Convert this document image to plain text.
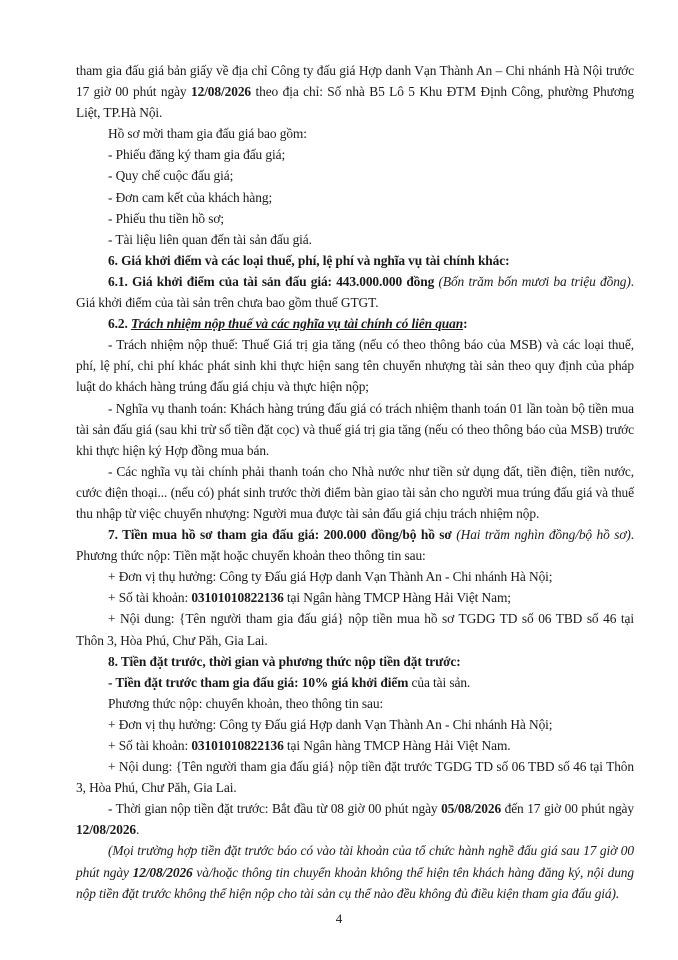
tham gia đấu giá bản giấy về địa chỉ Công ty đấu giá Hợp danh Vạn Thành An – Chi nhánh Hà Nội trước 17 giờ 00 phút ngày 12/08/2026 theo địa chỉ: Số nhà B5 Lô 5 Khu ĐTM Định Công, phường Phương Liệt, TP.Hà Nội.

Hồ sơ mời tham gia đấu giá bao gồm:

- Phiếu đăng ký tham gia đấu giá;

- Quy chế cuộc đấu giá;

- Đơn cam kết của khách hàng;

- Phiếu thu tiền hồ sơ;

- Tài liệu liên quan đến tài sản đấu giá.

6. Giá khởi điểm và các loại thuế, phí, lệ phí và nghĩa vụ tài chính khác:

6.1. Giá khởi điểm của tài sản đấu giá: 443.000.000 đồng (Bốn trăm bốn mươi ba triệu đồng). Giá khởi điểm của tài sản trên chưa bao gồm thuế GTGT.

6.2. Trách nhiệm nộp thuế và các nghĩa vụ tài chính có liên quan:

- Trách nhiệm nộp thuế: Thuế Giá trị gia tăng (nếu có theo thông báo của MSB) và các loại thuế, phí, lệ phí, chi phí khác phát sinh khi thực hiện sang tên chuyển nhượng tài sản theo quy định của pháp luật do khách hàng trúng đấu giá chịu và thực hiện nộp;

- Nghĩa vụ thanh toán: Khách hàng trúng đấu giá có trách nhiệm thanh toán 01 lần toàn bộ tiền mua tài sản đấu giá (sau khi trừ số tiền đặt cọc) và thuế giá trị gia tăng (nếu có theo thông báo của MSB) trước khi thực hiện ký Hợp đồng mua bán.

- Các nghĩa vụ tài chính phải thanh toán cho Nhà nước như tiền sử dụng đất, tiền điện, tiền nước, cước điện thoại... (nếu có) phát sinh trước thời điểm bàn giao tài sản cho người mua trúng đấu giá và thuế thu nhập từ việc chuyển nhượng: Người mua được tài sản đấu giá chịu trách nhiệm nộp.

7. Tiền mua hồ sơ tham gia đấu giá: 200.000 đồng/bộ hồ sơ (Hai trăm nghìn đồng/bộ hồ sơ). Phương thức nộp: Tiền mặt hoặc chuyển khoản theo thông tin sau:

+ Đơn vị thụ hưởng: Công ty Đấu giá Hợp danh Vạn Thành An - Chi nhánh Hà Nội;

+ Số tài khoản: 03101010822136 tại Ngân hàng TMCP Hàng Hải Việt Nam;

+ Nội dung: {Tên người tham gia đấu giá} nộp tiền mua hồ sơ TGDG TD số 06 TBD số 46 tại Thôn 3, Hòa Phú, Chư Păh, Gia Lai.

8. Tiền đặt trước, thời gian và phương thức nộp tiền đặt trước:

- Tiền đặt trước tham gia đấu giá: 10% giá khởi điểm của tài sản.

Phương thức nộp: chuyển khoản, theo thông tin sau:

+ Đơn vị thụ hưởng: Công ty Đấu giá Hợp danh Vạn Thành An - Chi nhánh Hà Nội;

+ Số tài khoản: 03101010822136 tại Ngân hàng TMCP Hàng Hải Việt Nam.

+ Nội dung: {Tên người tham gia đấu giá} nộp tiền đặt trước TGDG TD số 06 TBD số 46 tại Thôn 3, Hòa Phú, Chư Păh, Gia Lai.

- Thời gian nộp tiền đặt trước: Bắt đầu từ 08 giờ 00 phút ngày 05/08/2026 đến 17 giờ 00 phút ngày 12/08/2026.

(Mọi trường hợp tiền đặt trước báo có vào tài khoản của tổ chức hành nghề đấu giá sau 17 giờ 00 phút ngày 12/08/2026 và/hoặc thông tin chuyển khoản không thể hiện tên khách hàng đăng ký, nội dung nộp tiền đặt trước không thể hiện nộp cho tài sản cụ thể nào đều không đủ điều kiện tham gia đấu giá).

4
